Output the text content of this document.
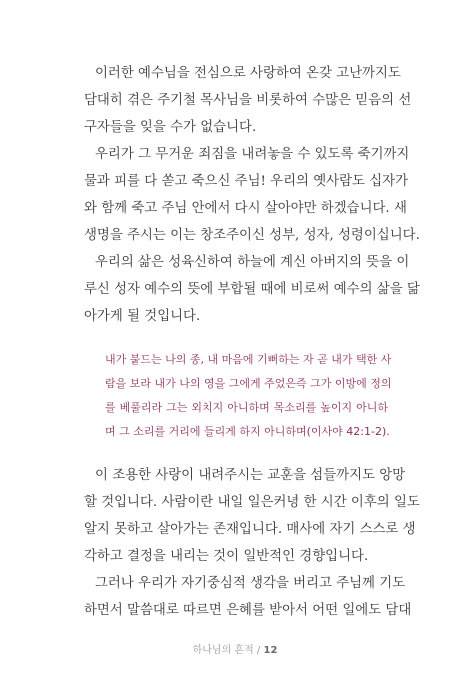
이러한 예수님을 전심으로 사랑하여 온갖 고난까지도
담대히 겪은 주기철 목사님을 비롯하여 수많은 믿음의 선
구자들을 잊을 수가 없습니다.
우리가 그 무거운 죄짐을 내려놓을 수 있도록 죽기까지
물과 피를 다 쏟고 죽으신 주님! 우리의 옛사람도 십자가
와 함께 죽고 주님 안에서 다시 살아야만 하겠습니다. 새
생명을 주시는 이는 창조주이신 성부, 성자, 성령이십니다.
우리의 삶은 성육신하여 하늘에 계신 아버지의 뜻을 이
루신 성자 예수의 뜻에 부합될 때에 비로써 예수의 삶을 닮
아가게 될 것입니다.
내가 붙드는 나의 종, 내 마음에 기뻐하는 자 곧 내가 택한 사
람을 보라 내가 나의 영을 그에게 주었은즉 그가 이방에 정의
를 베풀리라 그는 외치지 아니하며 목소리를 높이지 아니하
며 그 소리를 거리에 들리게 하지 아니하며(이사야 42:1-2).
이 조용한 사랑이 내려주시는 교훈을 섬들까지도 앙망
할 것입니다. 사람이란 내일 일은커녕 한 시간 이후의 일도
알지 못하고 살아가는 존재입니다. 매사에 자기 스스로 생
각하고 결정을 내리는 것이 일반적인 경향입니다.
그러나 우리가 자기중심적 생각을 버리고 주님께 기도
하면서 말씀대로 따르면 은혜를 받아서 어떤 일에도 담대
하나님의 흔적 / 12
